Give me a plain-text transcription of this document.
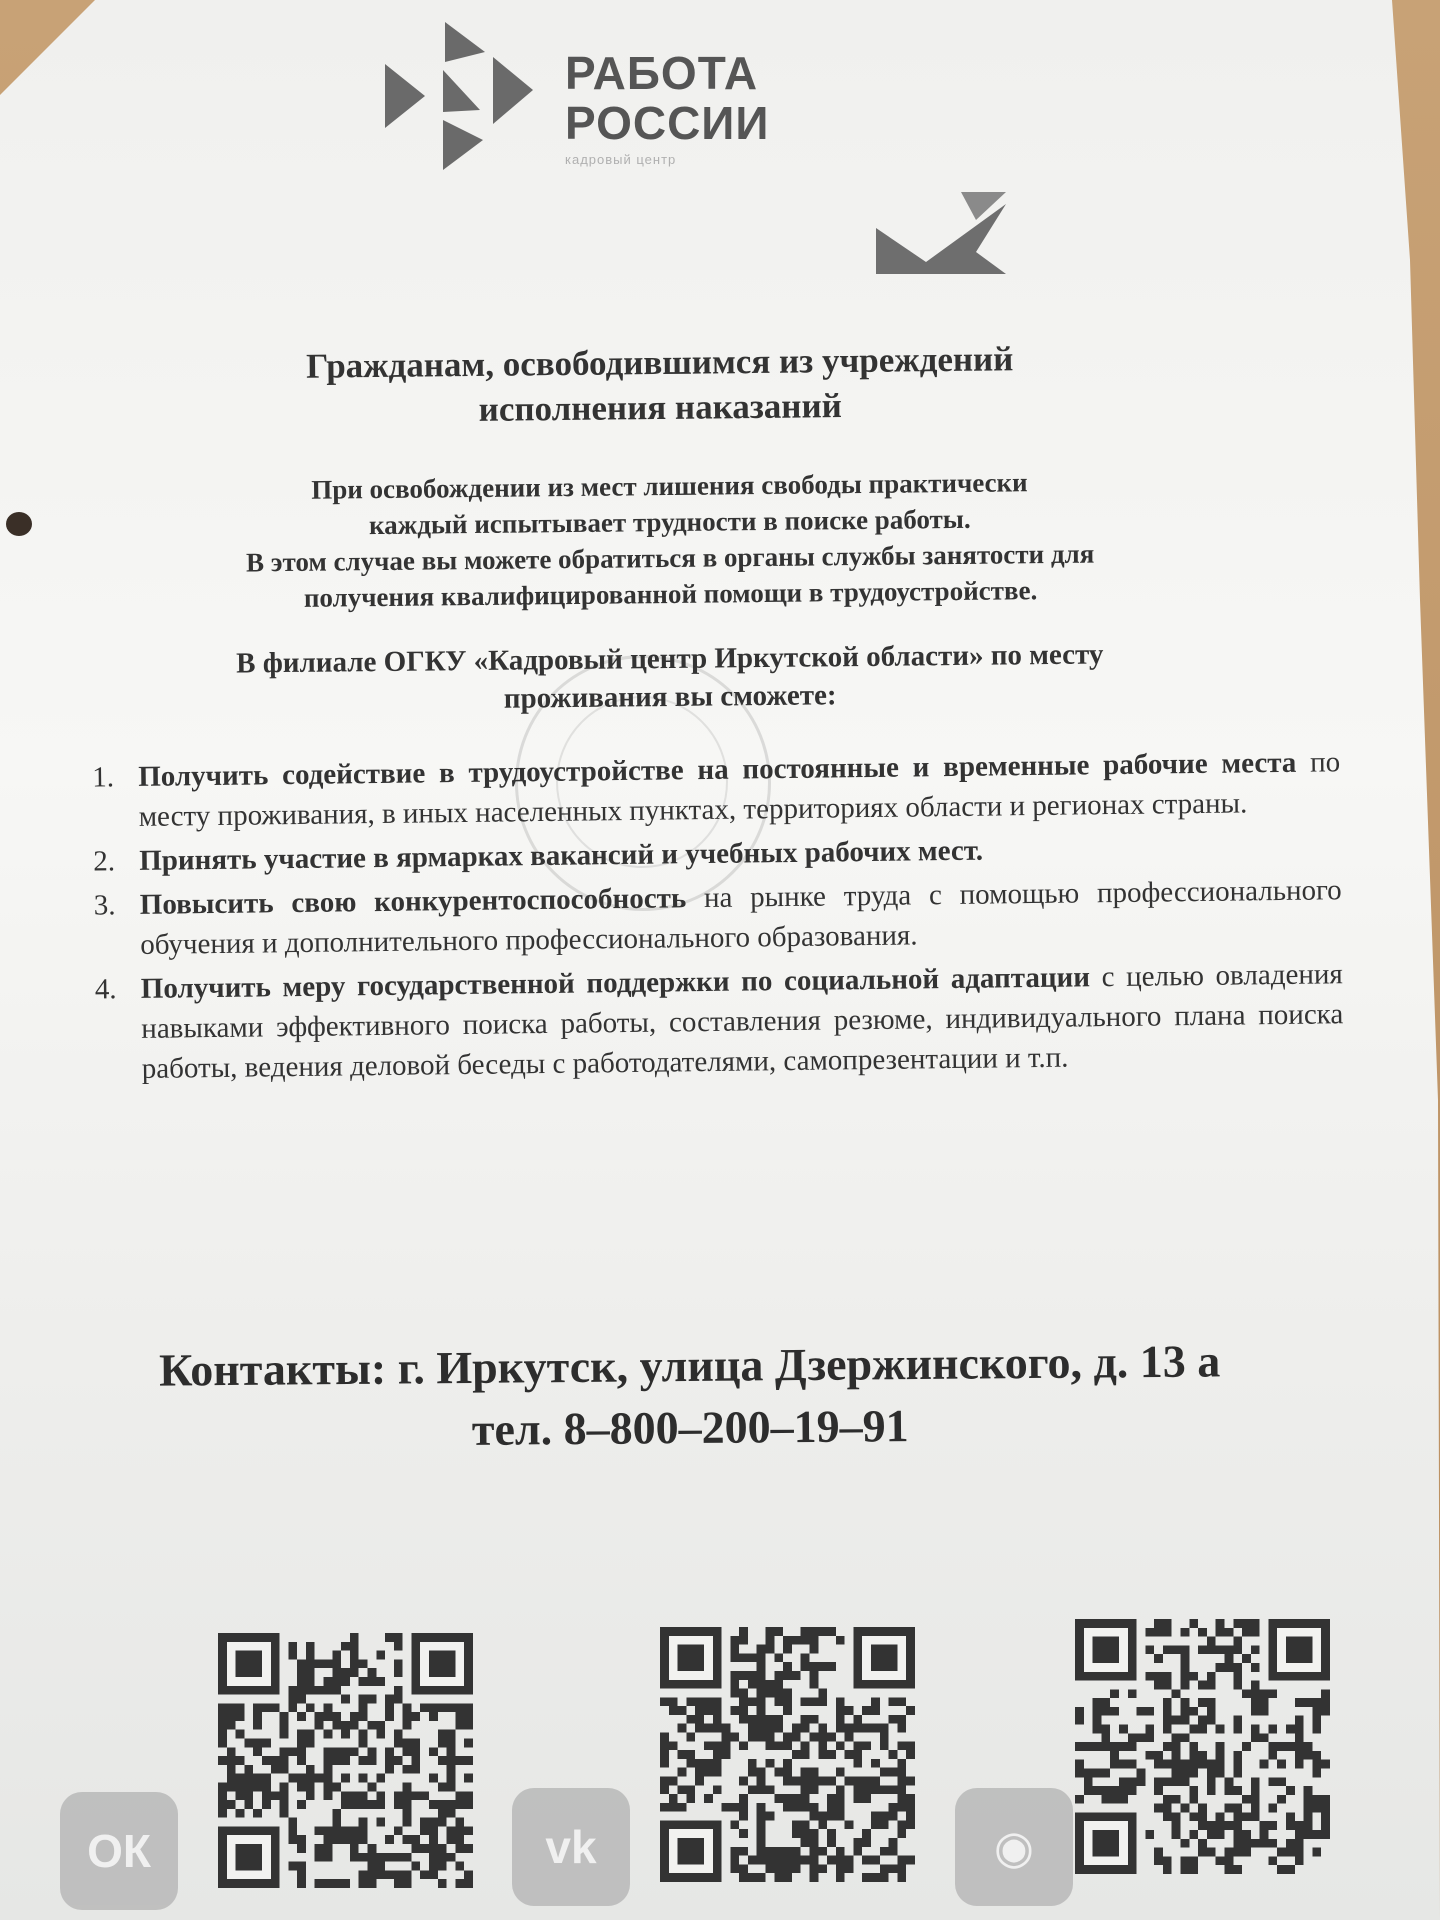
РАБОТА
РОССИИ
кадровый центр
Гражданам, освободившимся из учреждений
исполнения наказаний
При освобождении из мест лишения свободы практически
каждый испытывает трудности в поиске работы.
В этом случае вы можете обратиться в органы службы занятости для
получения квалифицированной помощи в трудоустройстве.
В филиале ОГКУ «Кадровый центр Иркутской области» по месту
проживания вы сможете:
1. Получить содействие в трудоустройстве на постоянные и временные рабочие места по месту проживания, в иных населенных пунктах, территориях области и регионах страны.
2. Принять участие в ярмарках вакансий и учебных рабочих мест.
3. Повысить свою конкурентоспособность на рынке труда с помощью профессионального обучения и дополнительного профессионального образования.
4. Получить меру государственной поддержки по социальной адаптации с целью овладения навыками эффективного поиска работы, составления резюме, индивидуального плана поиска работы, ведения деловой беседы с работодателями, самопрезентации и т.п.
Контакты: г. Иркутск, улица Дзержинского, д. 13 а
тел. 8–800–200–19–91
ОК	vk	◉
